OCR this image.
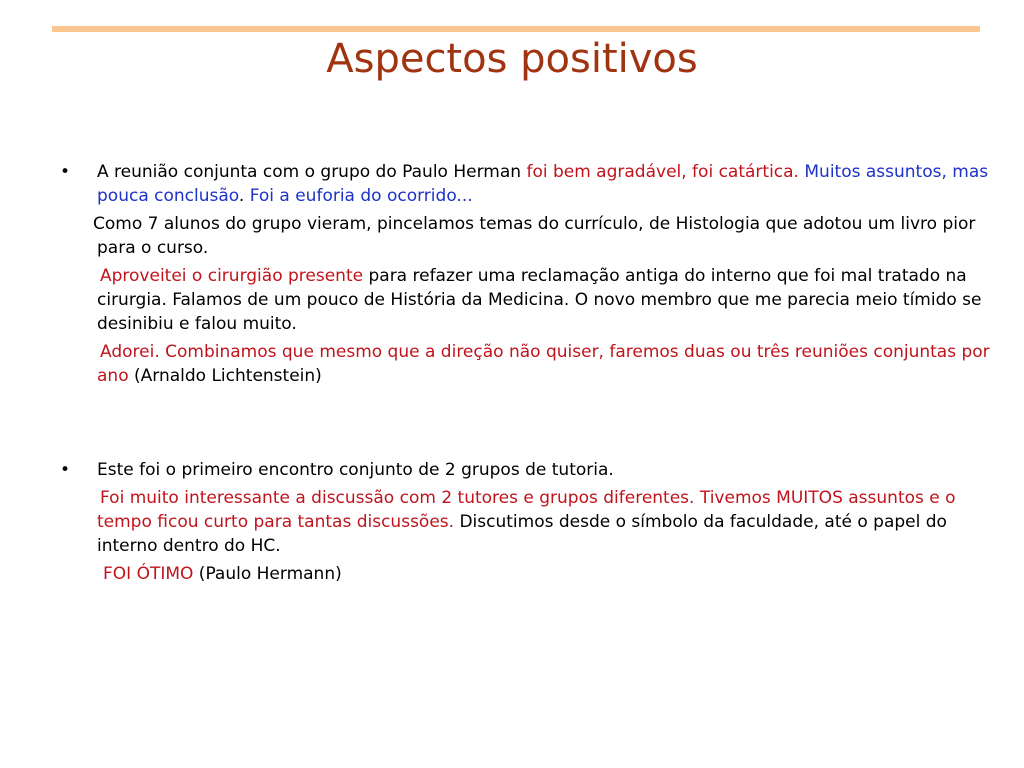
Aspectos positivos

•	A reunião conjunta com o grupo do Paulo Herman foi bem agradável, foi catártica. Muitos assuntos, mas pouca conclusão. Foi a euforia do ocorrido...

Como 7 alunos do grupo vieram, pincelamos temas do currículo, de Histologia que adotou um livro pior para o curso.

Aproveitei o cirurgião presente para refazer uma reclamação antiga do interno que foi mal tratado na cirurgia. Falamos de um pouco de História da Medicina. O novo membro que me parecia meio tímido se desinibiu e falou muito.

Adorei. Combinamos que mesmo que a direção não quiser, faremos duas ou três reuniões conjuntas por ano (Arnaldo Lichtenstein)

•	Este foi o primeiro encontro conjunto de 2 grupos de tutoria.

Foi muito interessante a discussão com 2 tutores e grupos diferentes. Tivemos MUITOS assuntos e o tempo ficou curto para tantas discussões. Discutimos desde o símbolo da faculdade, até o papel do interno dentro do HC.

FOI ÓTIMO (Paulo Hermann)
